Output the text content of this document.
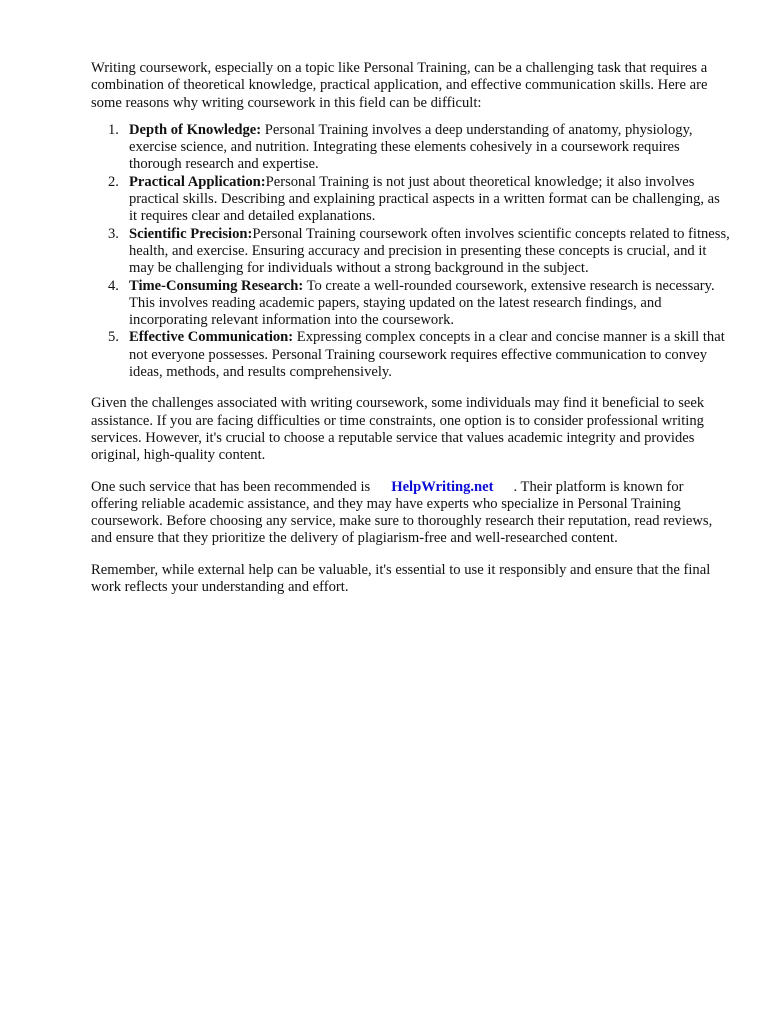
Writing coursework, especially on a topic like Personal Training, can be a challenging task that requires a combination of theoretical knowledge, practical application, and effective communication skills. Here are some reasons why writing coursework in this field can be difficult:

1. Depth of Knowledge: Personal Training involves a deep understanding of anatomy, physiology, exercise science, and nutrition. Integrating these elements cohesively in a coursework requires thorough research and expertise.
2. Practical Application:Personal Training is not just about theoretical knowledge; it also involves practical skills. Describing and explaining practical aspects in a written format can be challenging, as it requires clear and detailed explanations.
3. Scientific Precision:Personal Training coursework often involves scientific concepts related to fitness, health, and exercise. Ensuring accuracy and precision in presenting these concepts is crucial, and it may be challenging for individuals without a strong background in the subject.
4. Time-Consuming Research: To create a well-rounded coursework, extensive research is necessary. This involves reading academic papers, staying updated on the latest research findings, and incorporating relevant information into the coursework.
5. Effective Communication: Expressing complex concepts in a clear and concise manner is a skill that not everyone possesses. Personal Training coursework requires effective communication to convey ideas, methods, and results comprehensively.

Given the challenges associated with writing coursework, some individuals may find it beneficial to seek assistance. If you are facing difficulties or time constraints, one option is to consider professional writing services. However, it's crucial to choose a reputable service that values academic integrity and provides original, high-quality content.

One such service that has been recommended is HelpWriting.net . Their platform is known for offering reliable academic assistance, and they may have experts who specialize in Personal Training coursework. Before choosing any service, make sure to thoroughly research their reputation, read reviews, and ensure that they prioritize the delivery of plagiarism-free and well-researched content.

Remember, while external help can be valuable, it's essential to use it responsibly and ensure that the final work reflects your understanding and effort.
